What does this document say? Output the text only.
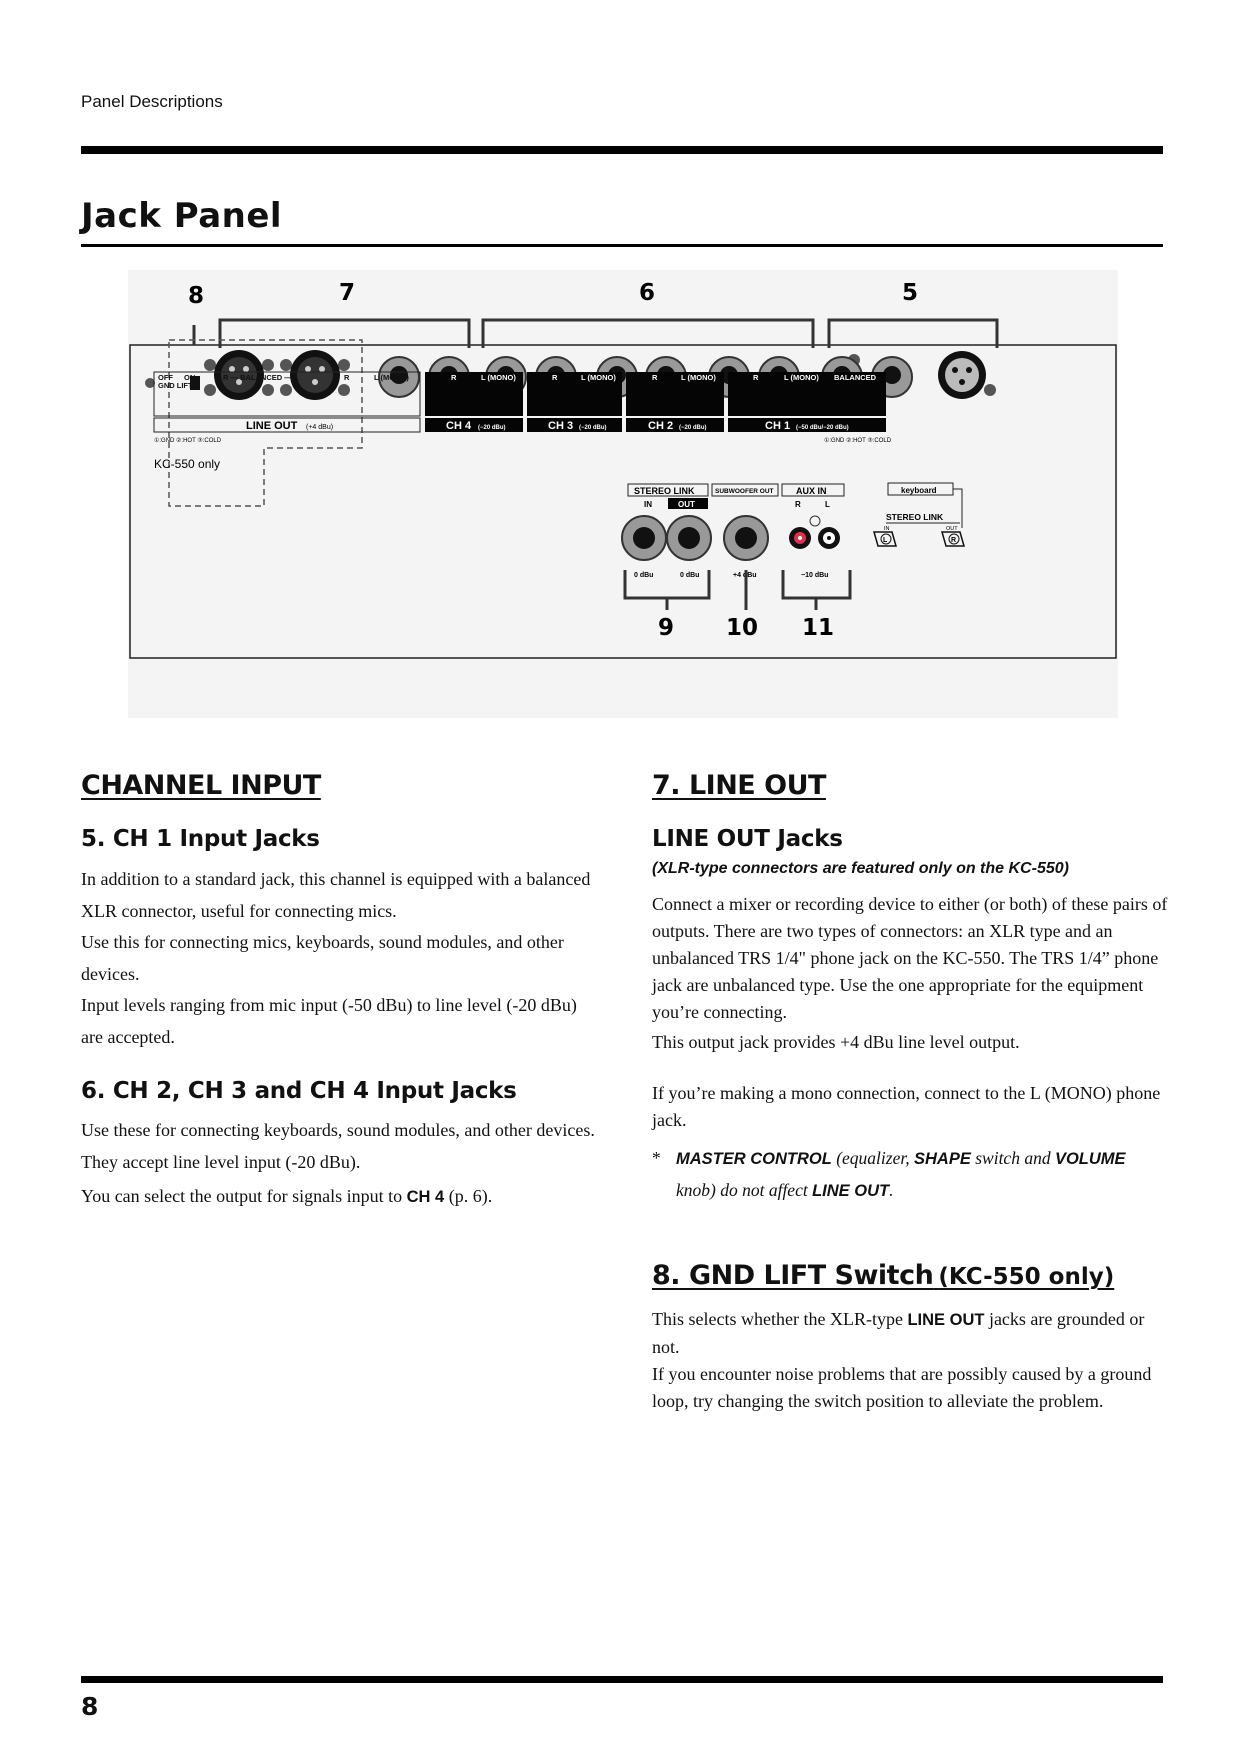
Panel Descriptions
Jack Panel
8	7	6	5
OFF ON
GND LIFT
R — BALANCED — L	R	L (MONO)
LINE OUT (+4 dBu)
①:GND ②:HOT ③:COLD
KC-550 only
R	L (MONO)	R	L (MONO)	R	L (MONO)	R	L (MONO) BALANCED
CH 4 (−20 dBu)	CH 3 (−20 dBu)	CH 2 (−20 dBu)	CH 1 (−50 dBu/−20 dBu)
①:GND ②:HOT ③:COLD
STEREO LINK
IN	OUT
SUBWOOFER OUT	AUX IN
R	L
keyboard
STEREO LINK
IN	OUT
L	R
0 dBu	0 dBu	+4 dBu	−10 dBu
9 10 11
CHANNEL INPUT
5. CH 1 Input Jacks

In addition to a standard jack, this channel is equipped with a balanced XLR connector, useful for connecting mics.

Use this for connecting mics, keyboards, sound modules, and other devices.

Input levels ranging from mic input (-50 dBu) to line level (-20 dBu) are accepted.

6. CH 2, CH 3 and CH 4 Input Jacks

Use these for connecting keyboards, sound modules, and other devices.

They accept line level input (-20 dBu).

You can select the output for signals input to CH 4 (p. 6).

7. LINE OUT
LINE OUT Jacks
(XLR-type connectors are featured only on the KC-550)

Connect a mixer or recording device to either (or both) of these pairs of outputs. There are two types of connectors: an XLR type and an unbalanced TRS 1/4" phone jack on the KC-550. The TRS 1/4” phone jack are unbalanced type. Use the one appropriate for the equipment you’re connecting.

This output jack provides +4 dBu line level output.

If you’re making a mono connection, connect to the L (MONO) phone jack.

* MASTER CONTROL (equalizer, SHAPE switch and VOLUME knob) do not affect LINE OUT.
8. GND LIFT Switch (KC-550 only)

This selects whether the XLR-type LINE OUT jacks are grounded or not.

If you encounter noise problems that are possibly caused by a ground loop, try changing the switch position to alleviate the problem.

8
